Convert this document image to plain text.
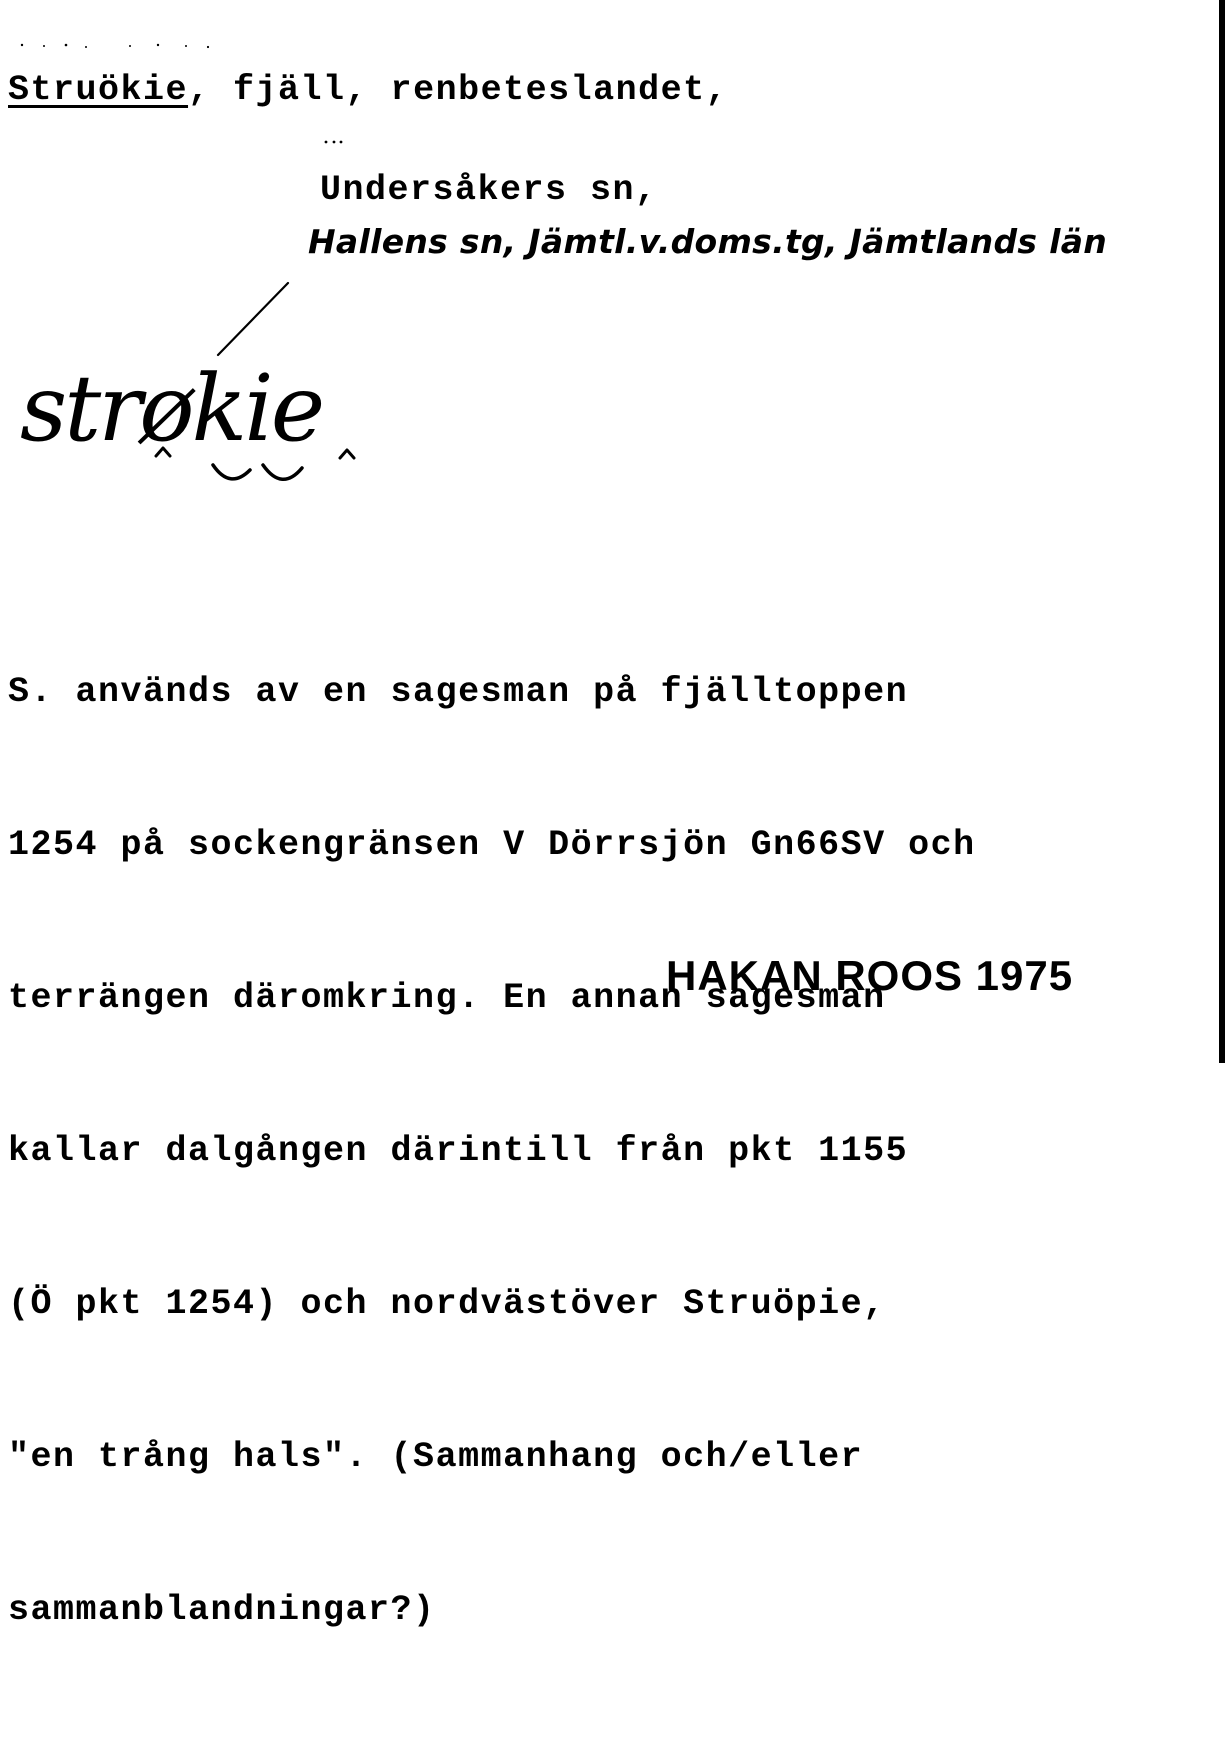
Struökie, fjäll, renbeteslandet,
Undersåkers sn,
Hallens sn, Jämtl.v.doms.tg, Jämtlands län
strøkie

S. används av en sagesman på fjälltoppen

1254 på sockengränsen V Dörrsjön Gn66SV och

terrängen däromkring. En annan sagesman

kallar dalgången därintill från pkt 1155

(Ö pkt 1254) och nordvästöver Struöpie,

"en trång hals". (Sammanhang och/eller

sammanblandningar?)

HAKAN ROOS 1975
